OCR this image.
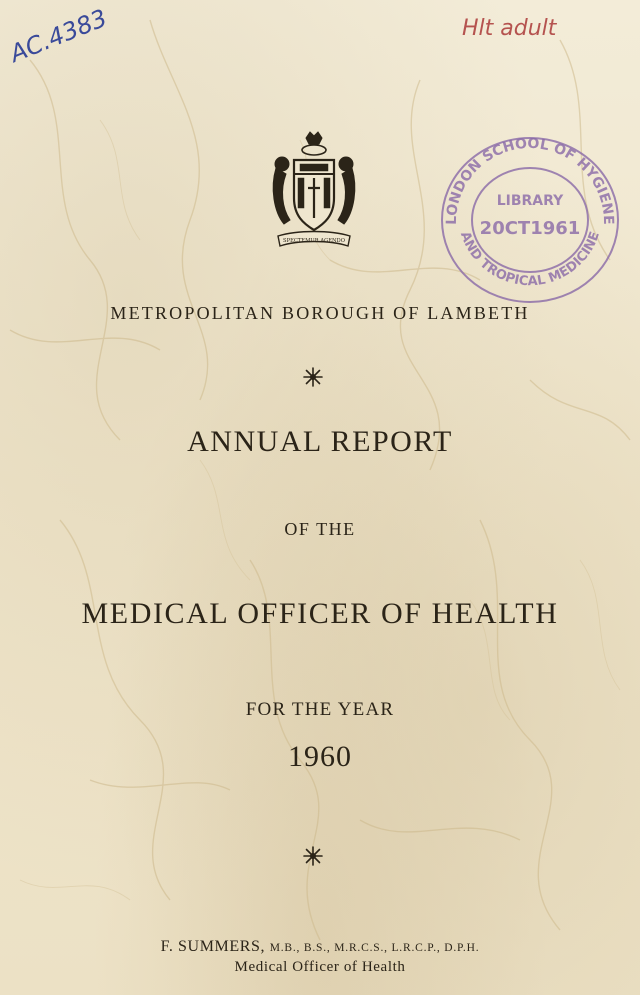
AC.4383	Hlt adult
LONDON SCHOOL OF HYGIENE
AND TROPICAL MEDICINE
LIBRARY
20CT1961
SPECTEMUR AGENDO
METROPOLITAN BOROUGH OF LAMBETH
ANNUAL REPORT
OF THE
MEDICAL OFFICER OF HEALTH
FOR THE YEAR
1960
F. SUMMERS, M.B., B.S., M.R.C.S., L.R.C.P., D.P.H.
Medical Officer of Health
